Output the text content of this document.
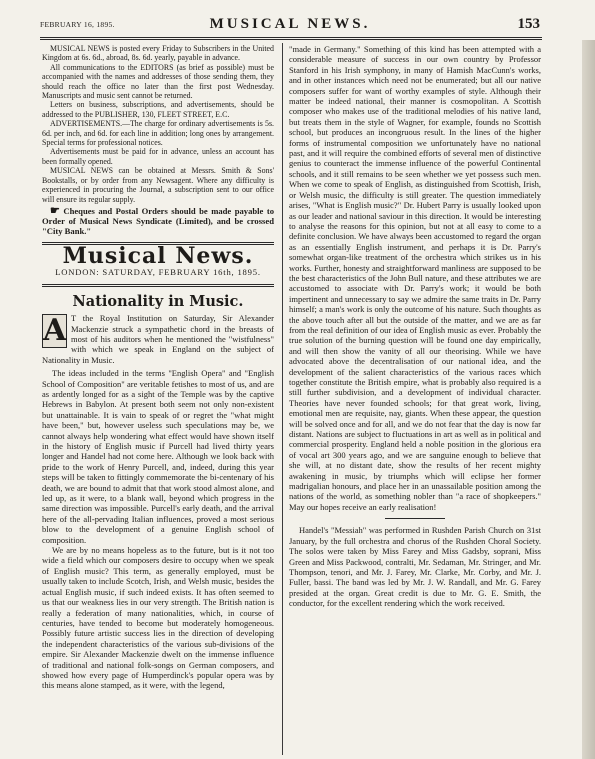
FEBRUARY 16, 1895.	MUSICAL NEWS.	153

MUSICAL NEWS is posted every Friday to Subscribers in the United Kingdom at 6s. 6d., abroad, 8s. 6d. yearly, payable in advance.

All communications to the EDITORS (as brief as possible) must be accompanied with the names and addresses of those sending them, they should reach the office no later than the first post Wednesday. Manuscripts and music sent cannot be returned.

Letters on business, subscriptions, and advertisements, should be addressed to the PUBLISHER, 130, FLEET STREET, E.C.

ADVERTISEMENTS.—The charge for ordinary advertisements is 5s. 6d. per inch, and 6d. for each line in addition; long ones by arrangement. Special terms for professional notices.

Advertisements must be paid for in advance, unless an account has been formally opened.

MUSICAL NEWS can be obtained at Messrs. Smith & Sons' Bookstalls, or by order from any Newsagent. Where any difficulty is experienced in procuring the Journal, a subscription sent to our office will ensure its regular supply.

☛ Cheques and Postal Orders should be made payable to Order of Musical News Syndicate (Limited), and be crossed "City Bank."

Musical News.
LONDON: SATURDAY, FEBRUARY 16th, 1895.
Nationality in Music.

A T the Royal Institution on Saturday, Sir Alexander Mackenzie struck a sympathetic chord in the breasts of most of his auditors when he mentioned the "wistfulness" with which we speak in England on the subject of Nationality in Music.

The ideas included in the terms "English Opera" and "English School of Composition" are veritable fetishes to most of us, and are as ardently longed for as a sight of the Temple was by the captive Hebrews in Babylon. At present both seem not only non-existent but unattainable. It is vain to speak of or regret the "what might have been," but, however useless such speculations may be, we cannot always help wondering what effect would have shown itself in the history of English music if Purcell had lived thirty years longer and Handel had not come here. Although we look back with pride to the work of Henry Purcell, and, indeed, during this year steps will be taken to fittingly commemorate the bi-centenary of his death, we are bound to admit that that work stood almost alone, and led up, as it were, to a blank wall, beyond which progress in the same direction was impossible. Purcell's early death, and the arrival here of the all-pervading Italian influences, proved a most serious blow to the development of a genuine English school of composition.

We are by no means hopeless as to the future, but is it not too wide a field which our composers desire to occupy when we speak of English music? This term, as generally employed, must be usually taken to include Scotch, Irish, and Welsh music, besides the actual English music, if such indeed exists. It has often seemed to us that our weakness lies in our very strength. The British nation is really a federation of many nationalities, which, in course of centuries, have tended to become but moderately homogeneous. Possibly future artistic success lies in the direction of developing the independent characteristics of the various sub-divisions of the empire. Sir Alexander Mackenzie dwelt on the immense influence of traditional and national folk-songs on German composers, and showed how every page of Humperdinck's popular opera was by this means alone stamped, as it were, with the legend,

"made in Germany." Something of this kind has been attempted with a considerable measure of success in our own country by Professor Stanford in his Irish symphony, in many of Hamish MacCunn's works, and in other instances which need not be enumerated; but all our native composers suffer for want of worthy examples of style. Although their matter be indeed national, their manner is cosmopolitan. A Scottish composer who makes use of the traditional melodies of his native land, but treats them in the style of Wagner, for example, founds no Scottish school, but produces an incongruous result. In the lines of the higher forms of instrumental composition we unfortunately have no national past, and it will require the combined efforts of several men of distinctive genius to counteract the immense influence of the powerful Continental schools, and it still remains to be seen whether we yet possess such men. When we come to speak of English, as distinguished from Scottish, Irish, or Welsh music, the difficulty is still greater. The question immediately arises, "What is English music?" Dr. Hubert Parry is usually looked upon as our leader and national saviour in this direction. It would be interesting to analyse the reasons for this opinion, but not at all easy to come to a definite conclusion. We have always been accustomed to regard the organ as an essentially English instrument, and perhaps it is Dr. Parry's somewhat organ-like treatment of the orchestra which strikes us in his works. Further, honesty and straightforward manliness are supposed to be the best characteristics of the John Bull nature, and these attributes we are accustomed to associate with Dr. Parry's work; it would be both impertinent and unnecessary to say we admire the same traits in Dr. Parry himself; a man's work is only the outcome of his nature. Such thoughts as the above touch after all but the outside of the matter, and we are as far from the real definition of our idea of English music as ever. Probably the true solution of the burning question will be found one day empirically, and will then show the vanity of all our theorising. While we have advocated above the decentralisation of our national idea, and the development of the salient characteristics of the various races which together constitute the British empire, what is probably also required is a still further subdivision, and a development of individual character. Theories have never founded schools; for that great work, living, emotional men are requisite, nay, giants. When these appear, the question will be solved once and for all, and we do not fear that the day is now far distant. Nations are subject to fluctuations in art as well as in political and commercial prosperity. England held a noble position in the glorious era of vocal art 300 years ago, and we are sanguine enough to believe that she will, at no distant date, show the results of her recent mighty awakening in music, by triumphs which will eclipse her former madrigalian honours, and place her in an unassailable position among the nations of the world, as something nobler than "a race of shopkeepers." May our hopes receive an early realisation!

Handel's "Messiah" was performed in Rushden Parish Church on 31st January, by the full orchestra and chorus of the Rushden Choral Society. The solos were taken by Miss Farey and Miss Gadsby, soprani, Miss Green and Miss Packwood, contralti, Mr. Sedaman, Mr. Stringer, and Mr. Thompson, tenori, and Mr. J. Farey, Mr. Clarke, Mr. Corby, and Mr. J. Fuller, bassi. The band was led by Mr. J. W. Randall, and Mr. G. Farey presided at the organ. Great credit is due to Mr. G. E. Smith, the conductor, for the excellent rendering which the work received.
